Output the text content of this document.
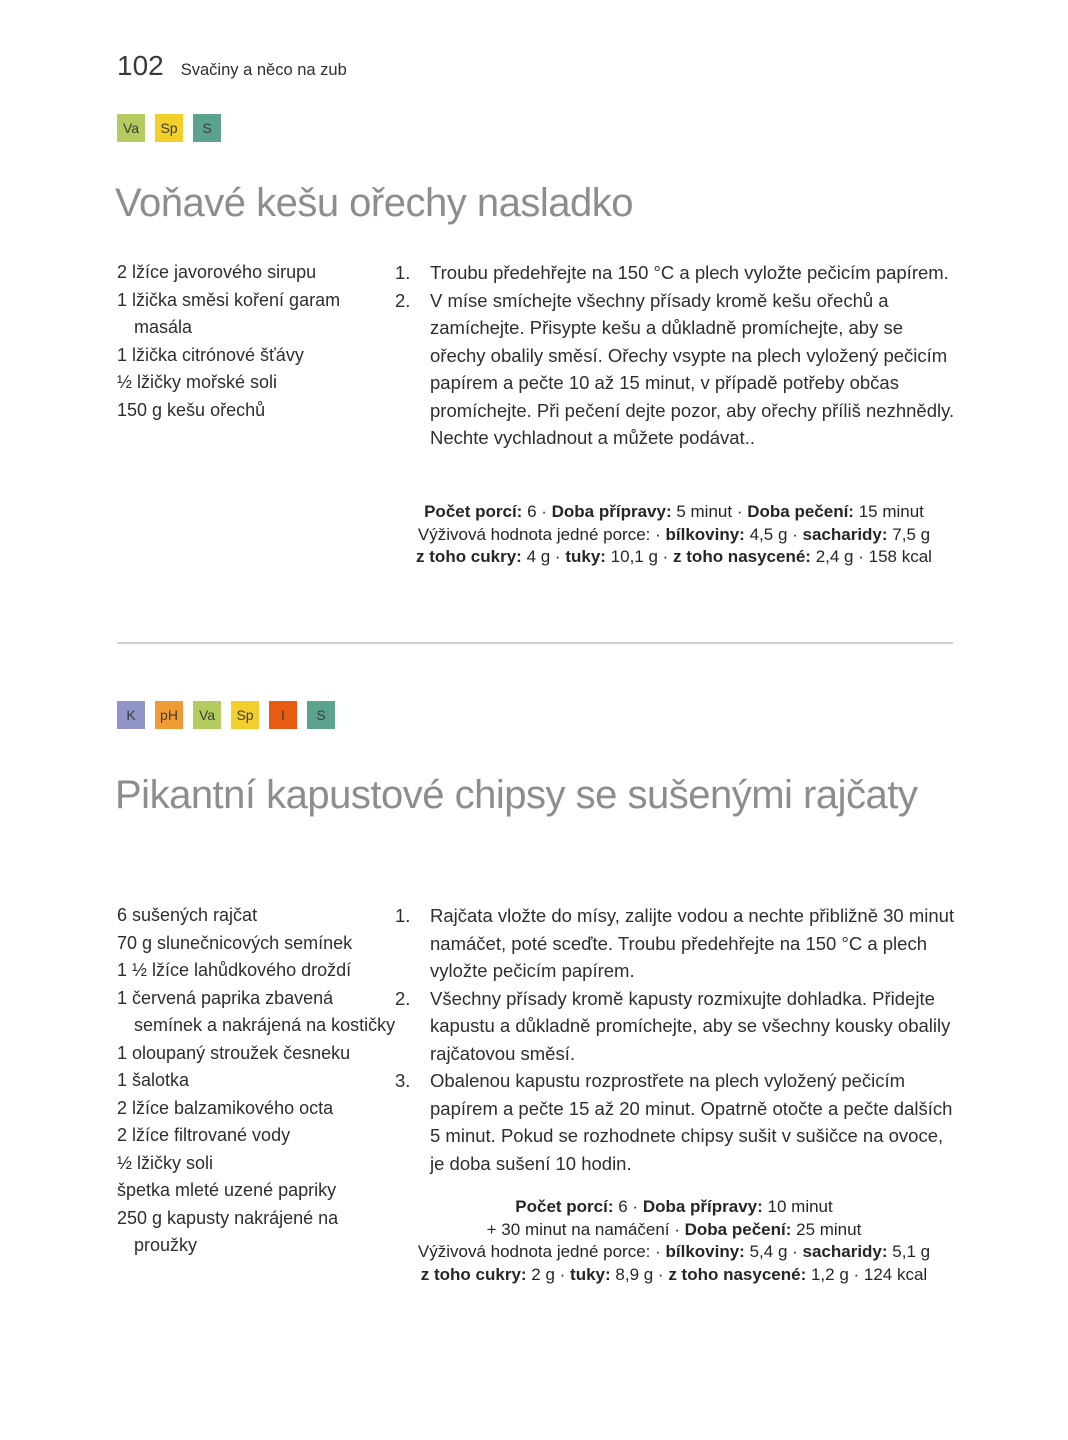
102 Svačiny a něco na zub
Va	Sp	S
Voňavé kešu ořechy nasladko
2 lžíce javorového sirupu
1 lžička směsi koření garam masála
1 lžička citrónové šťávy
½ lžičky mořské soli
150 g kešu ořechů
Troubu předehřejte na 150 °C a plech vyložte pečicím papírem.
V míse smíchejte všechny přísady kromě kešu ořechů a zamíchejte. Přisypte kešu a důkladně promíchejte, aby se ořechy obalily směsí. Ořechy vsypte na plech vyložený pečicím papírem a pečte 10 až 15 minut, v případě potřeby občas promíchejte. Při pečení dejte pozor, aby ořechy příliš nezhnědly. Nechte vychladnout a můžete podávat..
Počet porcí: 6 · Doba přípravy: 5 minut · Doba pečení: 15 minut
Výživová hodnota jedné porce: · bílkoviny: 4,5 g · sacharidy: 7,5 g
z toho cukry: 4 g · tuky: 10,1 g · z toho nasycené: 2,4 g · 158 kcal
K	pH	Va	Sp	I	S
Pikantní kapustové chipsy se sušenými rajčaty
6 sušených rajčat
70 g slunečnicových semínek
1 ½ lžíce lahůdkového droždí
1 červená paprika zbavená semínek a nakrájená na kostičky
1 oloupaný stroužek česneku
1 šalotka
2 lžíce balzamikového octa
2 lžíce filtrované vody
½ lžičky soli
špetka mleté uzené papriky
250 g kapusty nakrájené na proužky
Rajčata vložte do mísy, zalijte vodou a nechte přibližně 30 minut namáčet, poté sceďte. Troubu předehřejte na 150 °C a plech vyložte pečicím papírem.
Všechny přísady kromě kapusty rozmixujte dohladka. Přidejte kapustu a důkladně promíchejte, aby se všechny kousky obalily rajčatovou směsí.
Obalenou kapustu rozprostřete na plech vyložený pečicím papírem a pečte 15 až 20 minut. Opatrně otočte a pečte dalších 5 minut. Pokud se rozhodnete chipsy sušit v sušičce na ovoce, je doba sušení 10 hodin.
Počet porcí: 6 · Doba přípravy: 10 minut
+ 30 minut na namáčení · Doba pečení: 25 minut
Výživová hodnota jedné porce: · bílkoviny: 5,4 g · sacharidy: 5,1 g
z toho cukry: 2 g · tuky: 8,9 g · z toho nasycené: 1,2 g · 124 kcal
